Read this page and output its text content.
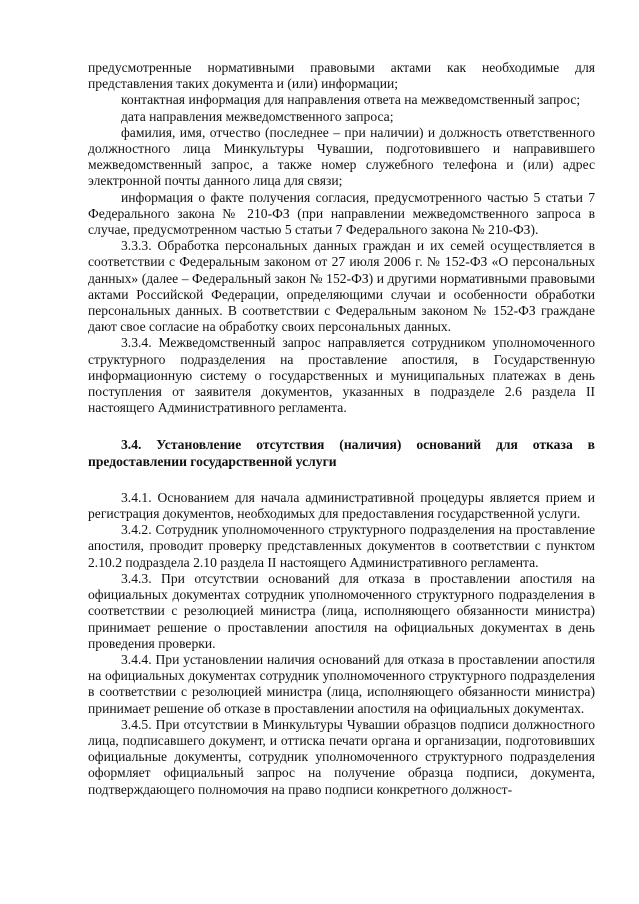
предусмотренные нормативными правовыми актами как необходимые для представления таких документа и (или) информации;

контактная информация для направления ответа на межведомственный запрос;

дата направления межведомственного запроса;

фамилия, имя, отчество (последнее – при наличии) и должность ответственного должностного лица Минкультуры Чувашии, подготовившего и направившего межведомственный запрос, а также номер служебного телефона и (или) адрес электронной почты данного лица для связи;

информация о факте получения согласия, предусмотренного частью 5 статьи 7 Федерального закона № 210-ФЗ (при направлении межведомственного запроса в случае, предусмотренном частью 5 статьи 7 Федерального закона № 210-ФЗ).

3.3.3. Обработка персональных данных граждан и их семей осуществляется в соответствии с Федеральным законом от 27 июля 2006 г. № 152-ФЗ «О персональных данных» (далее – Федеральный закон № 152-ФЗ) и другими нормативными правовыми актами Российской Федерации, определяющими случаи и особенности обработки персональных данных. В соответствии с Федеральным законом № 152-ФЗ граждане дают свое согласие на обработку своих персональных данных.

3.3.4. Межведомственный запрос направляется сотрудником уполномоченного структурного подразделения на проставление апостиля, в Государственную информационную систему о государственных и муниципальных платежах в день поступления от заявителя документов, указанных в подразделе 2.6 раздела II настоящего Административного регламента.

3.4. Установление отсутствия (наличия) оснований для отказа в предоставлении государственной услуги

3.4.1. Основанием для начала административной процедуры является прием и регистрация документов, необходимых для предоставления государственной услуги.

3.4.2. Сотрудник уполномоченного структурного подразделения на проставление апостиля, проводит проверку представленных документов в соответствии с пунктом 2.10.2 подраздела 2.10 раздела II настоящего Административного регламента.

3.4.3. При отсутствии оснований для отказа в проставлении апостиля на официальных документах сотрудник уполномоченного структурного подразделения в соответствии с резолюцией министра (лица, исполняющего обязанности министра) принимает решение о проставлении апостиля на официальных документах в день проведения проверки.

3.4.4. При установлении наличия оснований для отказа в проставлении апостиля на официальных документах сотрудник уполномоченного структурного подразделения в соответствии с резолюцией министра (лица, исполняющего обязанности министра) принимает решение об отказе в проставлении апостиля на официальных документах.

3.4.5. При отсутствии в Минкультуры Чувашии образцов подписи должностного лица, подписавшего документ, и оттиска печати органа и организации, подготовивших официальные документы, сотрудник уполномоченного структурного подразделения оформляет официальный запрос на получение образца подписи, документа, подтверждающего полномочия на право подписи конкретного должност-
